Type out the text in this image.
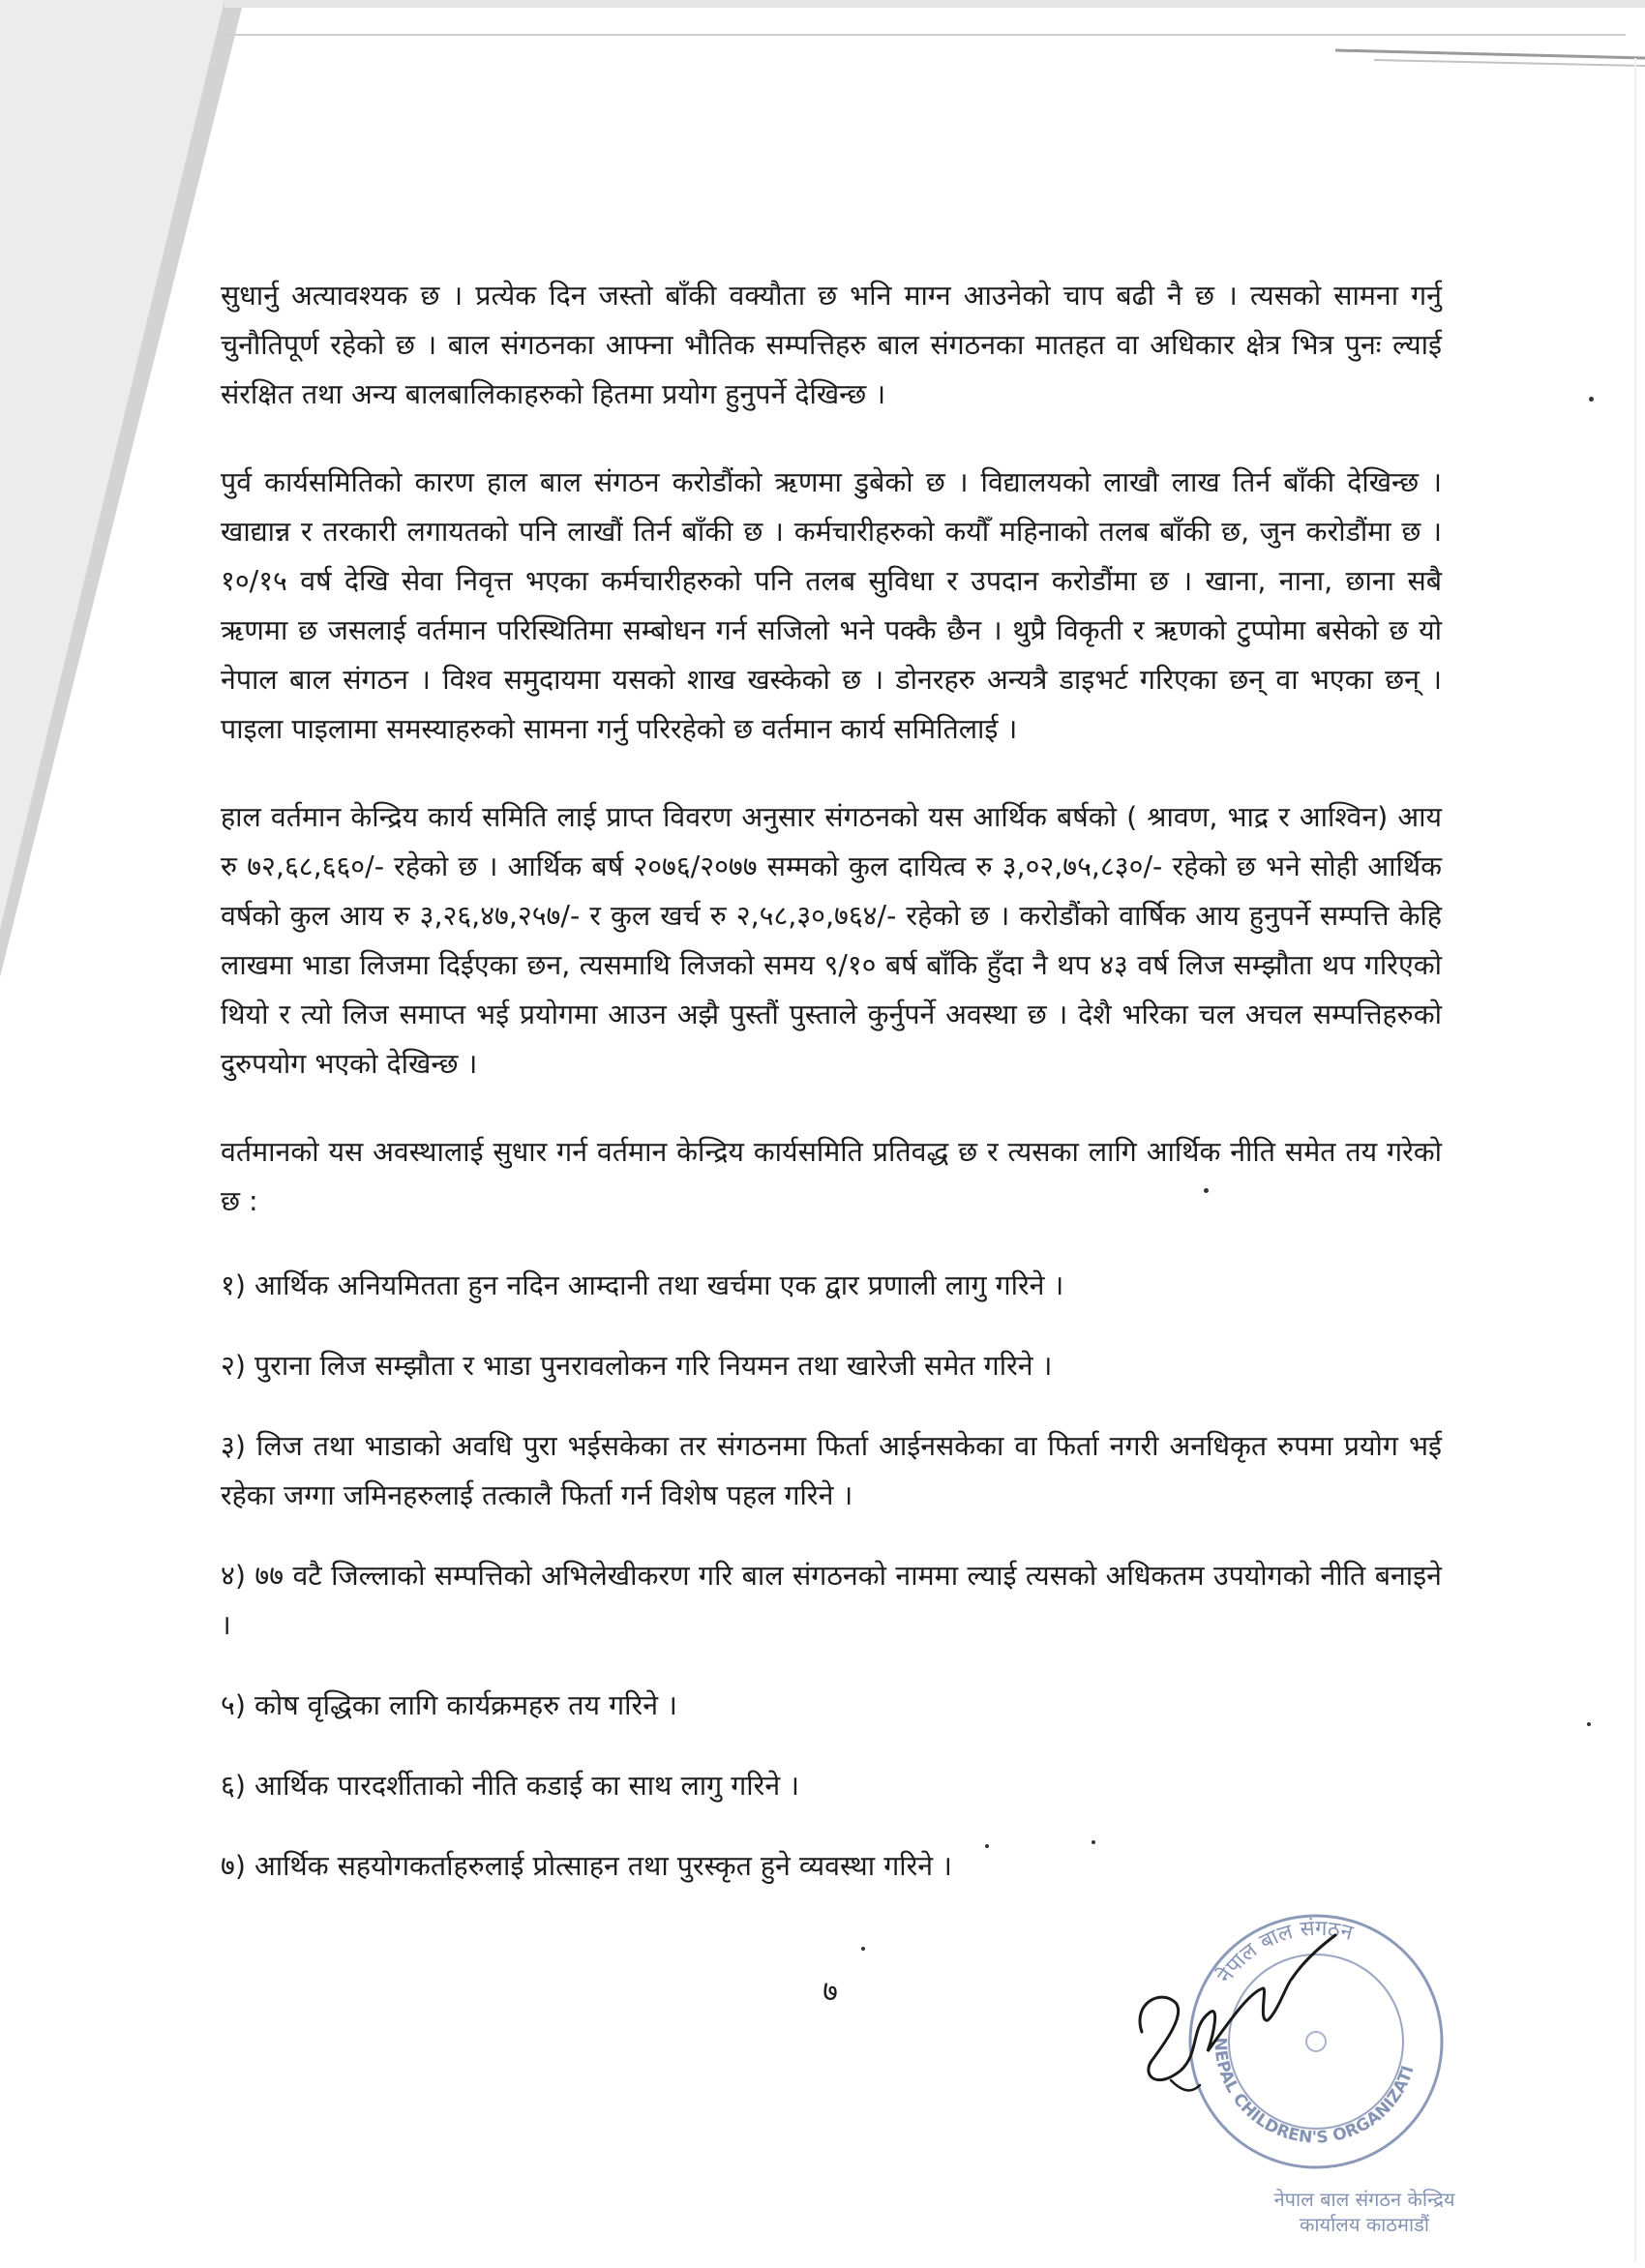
सुधार्नु अत्यावश्यक छ । प्रत्येक दिन जस्तो बाँकी वक्यौता छ भनि माग्न आउनेको चाप बढी नै छ । त्यसको सामना गर्नु चुनौतिपूर्ण रहेको छ । बाल संगठनका आफ्ना भौतिक सम्पत्तिहरु बाल संगठनका मातहत वा अधिकार क्षेत्र भित्र पुनः ल्याई संरक्षित तथा अन्य बालबालिकाहरुको हितमा प्रयोग हुनुपर्ने देखिन्छ ।

पुर्व कार्यसमितिको कारण हाल बाल संगठन करोडौंको ऋणमा डुबेको छ । विद्यालयको लाखौ लाख तिर्न बाँकी देखिन्छ । खाद्यान्न र तरकारी लगायतको पनि लाखौं तिर्न बाँकी छ । कर्मचारीहरुको कयौँ महिनाको तलब बाँकी छ, जुन करोडौंमा छ । १०/१५ वर्ष देखि सेवा निवृत्त भएका कर्मचारीहरुको पनि तलब सुविधा र उपदान करोडौंमा छ । खाना, नाना, छाना सबै ऋणमा छ जसलाई वर्तमान परिस्थितिमा सम्बोधन गर्न सजिलो भने पक्कै छैन । थुप्रै विकृती र ऋणको टुप्पोमा बसेको छ यो नेपाल बाल संगठन । विश्व समुदायमा यसको शाख खस्केको छ । डोनरहरु अन्यत्रै डाइभर्ट गरिएका छन् वा भएका छन् । पाइला पाइलामा समस्याहरुको सामना गर्नु परिरहेको छ वर्तमान कार्य समितिलाई ।

हाल वर्तमान केन्द्रिय कार्य समिति लाई प्राप्त विवरण अनुसार संगठनको यस आर्थिक बर्षको ( श्रावण, भाद्र र आश्विन) आय रु ७२,६८,६६०/- रहेको छ । आर्थिक बर्ष २०७६/२०७७ सम्मको कुल दायित्व रु ३,०२,७५,८३०/- रहेको छ भने सोही आर्थिक वर्षको कुल आय रु ३,२६,४७,२५७/- र कुल खर्च रु २,५८,३०,७६४/- रहेको छ । करोडौंको वार्षिक आय हुनुपर्ने सम्पत्ति केहि लाखमा भाडा लिजमा दिईएका छन, त्यसमाथि लिजको समय ९/१० बर्ष बाँकि हुँदा नै थप ४३ वर्ष लिज सम्झौता थप गरिएको थियो र त्यो लिज समाप्त भई प्रयोगमा आउन अझै पुस्तौं पुस्ताले कुर्नुपर्ने अवस्था छ । देशै भरिका चल अचल सम्पत्तिहरुको दुरुपयोग भएको देखिन्छ ।

वर्तमानको यस अवस्थालाई सुधार गर्न वर्तमान केन्द्रिय कार्यसमिति प्रतिवद्ध छ र त्यसका लागि आर्थिक नीति समेत तय गरेको छ :

१) आर्थिक अनियमितता हुन नदिन आम्दानी तथा खर्चमा एक द्वार प्रणाली लागु गरिने ।

२) पुराना लिज सम्झौता र भाडा पुनरावलोकन गरि नियमन तथा खारेजी समेत गरिने ।

३) लिज तथा भाडाको अवधि पुरा भईसकेका तर संगठनमा फिर्ता आईनसकेका वा फिर्ता नगरी अनधिकृत रुपमा प्रयोग भई रहेका जग्गा जमिनहरुलाई तत्कालै फिर्ता गर्न विशेष पहल गरिने ।

४) ७७ वटै जिल्लाको सम्पत्तिको अभिलेखीकरण गरि बाल संगठनको नाममा ल्याई त्यसको अधिकतम उपयोगको नीति बनाइने ।

५) कोष वृद्धिका लागि कार्यक्रमहरु तय गरिने ।

६) आर्थिक पारदर्शीताको नीति कडाई का साथ लागु गरिने ।

७) आर्थिक सहयोगकर्ताहरुलाई प्रोत्साहन तथा पुरस्कृत हुने व्यवस्था गरिने ।

७	नेपाल बाल संगठन
NEPAL CHILDREN'S ORGANIZATI
नेपाल बाल संगठन केन्द्रिय कार्यालय काठमाडौं
